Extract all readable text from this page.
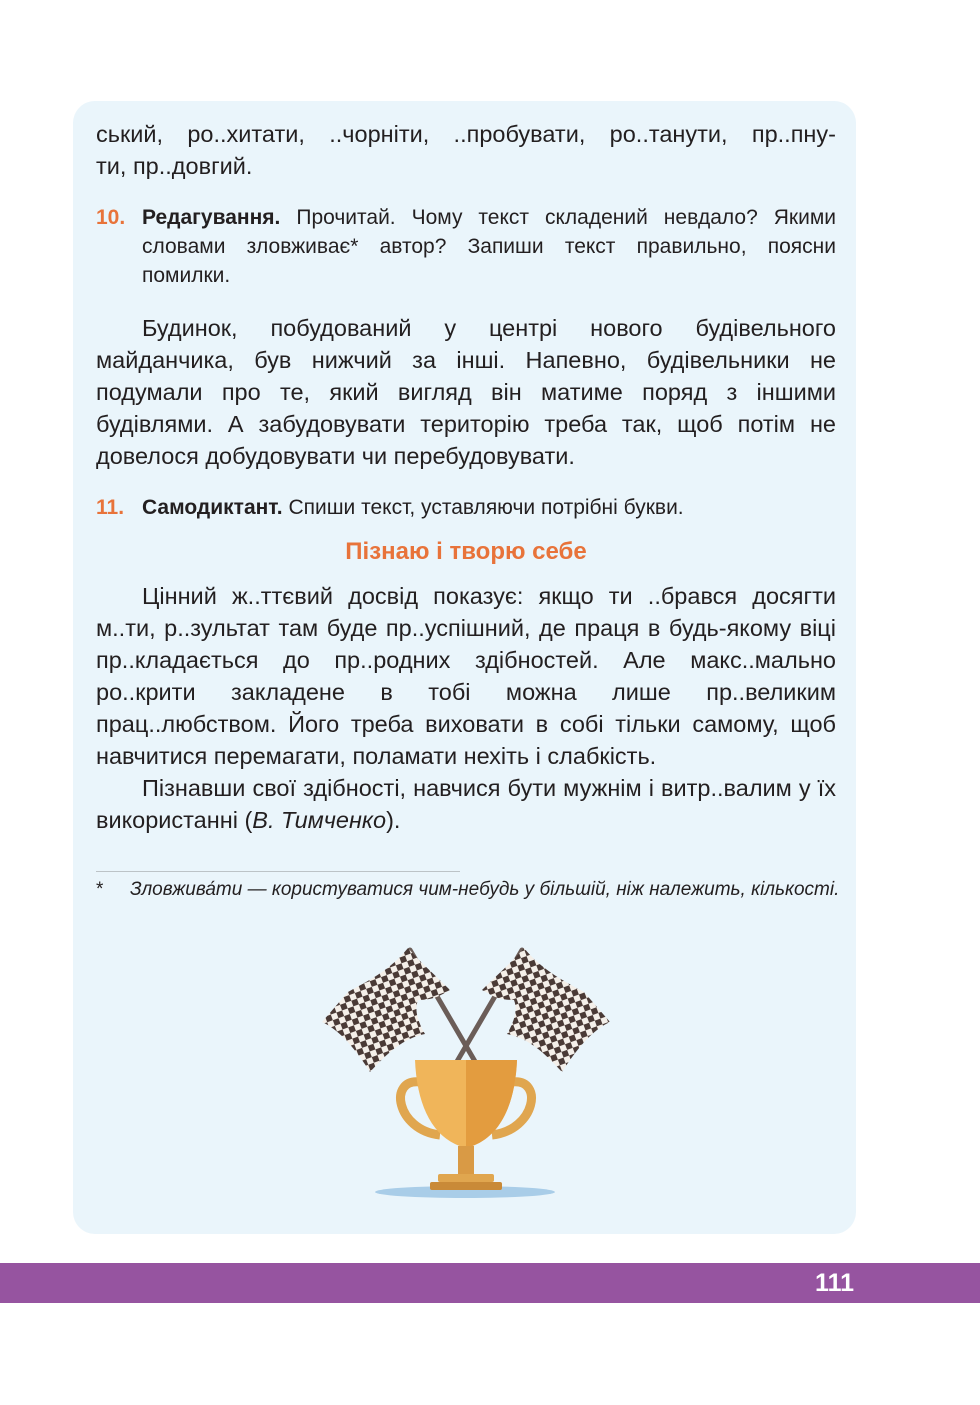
ський, ро..хитати, ..чорніти, ..пробувати, ро..танути, пр..пну-
ти, пр..довгий.
10. Редагування. Прочитай. Чому текст складений невдало? Якими словами зловживає* автор? Запиши текст правильно, поясни помилки.
Будинок, побудований у центрі нового будівельного майданчика, був нижчий за інші. Напевно, будівельники не подумали про те, який вигляд він матиме поряд з іншими будівлями. А забудовувати територію треба так, щоб потім не довелося добудовувати чи перебудовувати.
11. Самодиктант. Спиши текст, уставляючи потрібні букви.
Пізнаю і творю себе
Цінний ж..ттєвий досвід показує: якщо ти ..брався досягти м..ти, р..зультат там буде пр..успішний, де праця в будь-якому віці пр..кладається до пр..родних здібностей. Але макс..мально ро..крити закладене в тобі можна лише пр..великим прац..любством. Його треба виховати в собі тільки самому, щоб навчитися перемагати, поламати нехіть і слабкість.
Пізнавши свої здібності, навчися бути мужнім і витр..валим у їх використанні (В. Тимченко).
* Зловжива́ти — користуватися чим-небудь у більшій, ніж належить, кількості.
111
